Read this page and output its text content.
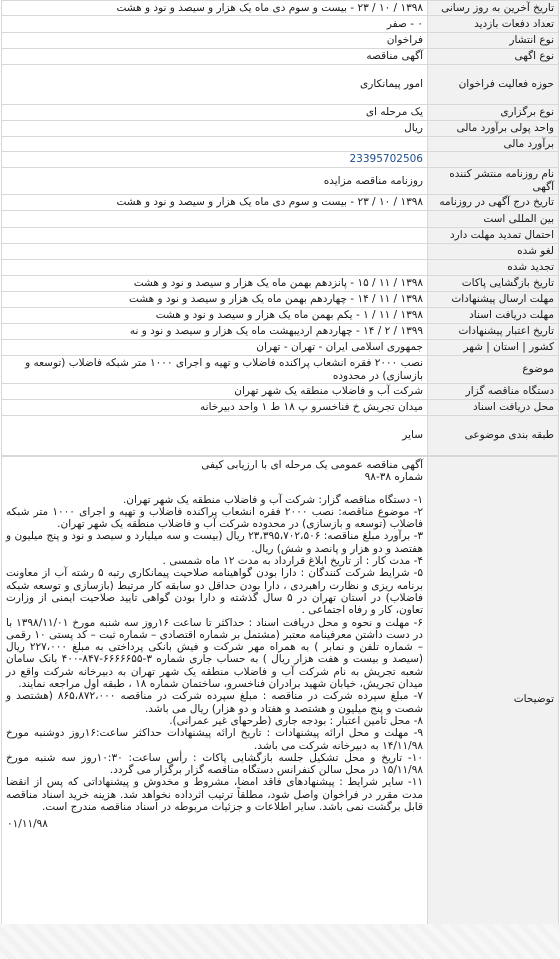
تاریخ آخرین به روز رسانی	۱۳۹۸ / ۱۰ / ۲۳ - بیست و سوم دی ماه یک هزار و سیصد و نود و هشت
تعداد دفعات بازدید	۰ - صفر
نوع انتشار	فراخوان
نوع اگهی	آگهی مناقصه
حوزه فعالیت فراخوان	امور پیمانکاری
نوع برگزاری	یک مرحله ای
واحد پولی برآورد مالی	ریال
برآورد مالی	
	23395702506
نام روزنامه منتشر کننده آگهی	روزنامه مناقصه مزایده
تاریخ درج آگهی در روزنامه	۱۳۹۸ / ۱۰ / ۲۳ - بیست و سوم دی ماه یک هزار و سیصد و نود و هشت
بین المللی است	
احتمال تمدید مهلت دارد	
لغو شده	
تجدید شده	
تاریخ بازگشایی پاکات	۱۳۹۸ / ۱۱ / ۱۵ - پانزدهم بهمن ماه یک هزار و سیصد و نود و هشت
مهلت ارسال پیشنهادات	۱۳۹۸ / ۱۱ / ۱۴ - چهاردهم بهمن ماه یک هزار و سیصد و نود و هشت
مهلت دریافت اسناد	۱۳۹۸ / ۱۱ / ۱ - یکم بهمن ماه یک هزار و سیصد و نود و هشت
تاریخ اعتبار پیشنهادات	۱۳۹۹ / ۲ / ۱۴ - چهاردهم اردیبهشت ماه یک هزار و سیصد و نود و نه
کشور | استان | شهر	جمهوری اسلامی ایران - تهران - تهران
موضوع	نصب ۲۰۰۰ فقره انشعاب پراکنده فاضلاب و تهیه و اجرای ۱۰۰۰ متر شبکه فاضلاب (توسعه و بازسازی) در محدوده
دستگاه مناقصه گزار	شرکت آب و فاضلاب منطقه یک شهر تهران
محل دریافت اسناد	میدان تجریش خ فناخسرو پ ۱۸ ط ۱ واحد دبیرخانه
طبقه بندی موضوعی	سایر
توضیحات	

آگهی مناقصه عمومی یک مرحله ای با ارزیابی کیفی

شماره ۳۸-۹۸

۱- دستگاه مناقصه گزار: شرکت آب و فاضلاب منطقه یک شهر تهران.

۲- موضوع مناقصه: نصب ۲۰۰۰ فقره انشعاب پراکنده فاضلاب و تهیه و اجرای ۱۰۰۰ متر شبکه فاضلاب (توسعه و بازسازی) در محدوده شرکت آب و فاضلاب منطقه یک شهر تهران.

۳- برآورد مبلغ مناقصه: ۲۳،۳۹۵،۷۰۲،۵۰۶ ریال (بیست و سه میلیارد و سیصد و نود و پنج میلیون و هفتصد و دو هزار و پانصد و شش) ریال.

۴- مدت کار : از تاریخ ابلاغ قرارداد به مدت ۱۲ ماه شمسی .

۵- شرایط شرکت کنندگان : دارا بودن گواهینامه صلاحیت پیمانکاری رتبه ۵ رشته آب از معاونت برنامه ریزی و نظارت راهبردی ، دارا بودن حداقل دو سابقه کار مرتبط (بازسازی و توسعه شبکه فاضلاب) در استان تهران در ۵ سال گذشته و دارا بودن گواهی تایید صلاحیت ایمنی از وزارت تعاون، کار و رفاه اجتماعی .

۶- مهلت و نحوه و محل دریافت اسناد : حداکثر تا ساعت ۱۶روز سه شنبه مورخ ۱۳۹۸/۱۱/۰۱ با در دست داشتن معرفینامه معتبر (مشتمل بر شماره اقتصادی – شماره ثبت – کد پستی ۱۰ رقمی – شماره تلفن و نمابر ) به همراه مهر شرکت و فیش بانکی پرداختی به مبلغ ۲۲۷،۰۰۰ ریال (سیصد و بیست و هفت هزار ریال ) به حساب جاری شماره ۳-۶۶۶۶۶۵۵-۸۴۷-۴۰۰ بانک سامان شعبه تجریش به نام شرکت آب و فاضلاب منطقه یک شهر تهران به دبیرخانه شرکت واقع در میدان تجریش، خیابان شهید برادران فناخسرو، ساختمان شماره ۱۸ ، طبقه اول مراجعه نمایند.

۷- مبلغ سپرده شرکت در مناقصه : مبلغ سپرده شرکت در مناقصه ۸۶۵،۸۷۲،۰۰۰ (هشتصد و شصت و پنج میلیون و هشتصد و هفتاد و دو هزار) ریال می باشد.

۸- محل تامین اعتبار : بودجه جاری (طرحهای غیر عمرانی).

۹- مهلت و محل ارائه پیشنهادات : تاریخ ارائه پیشنهادات حداکثر ساعت:۱۶روز دوشنبه مورخ ۱۴/۱۱/۹۸ به دبیرخانه شرکت می باشد.

۱۰- تاریخ و محل تشکیل جلسه بازگشایی پاکات : رأس ساعت: ۱۰:۳۰روز سه شنبه مورخ ۱۵/۱۱/۹۸ در محل سالن کنفرانس دستگاه مناقصه گزار برگزار می گردد.

۱۱- سایر شرایط : پیشنهادهای فاقد امضا، مشروط و مخدوش و پیشنهاداتی که پس از انقضا مدت مقرر در فراخوان واصل شود، مطلقاً ترتیب اثرداده نخواهد شد. هزینه خرید اسناد مناقصه قابل برگشت نمی باشد. سایر اطلاعات و جزئیات مربوطه در اسناد مناقصه مندرج است.

۰۱/۱۱/۹۸
